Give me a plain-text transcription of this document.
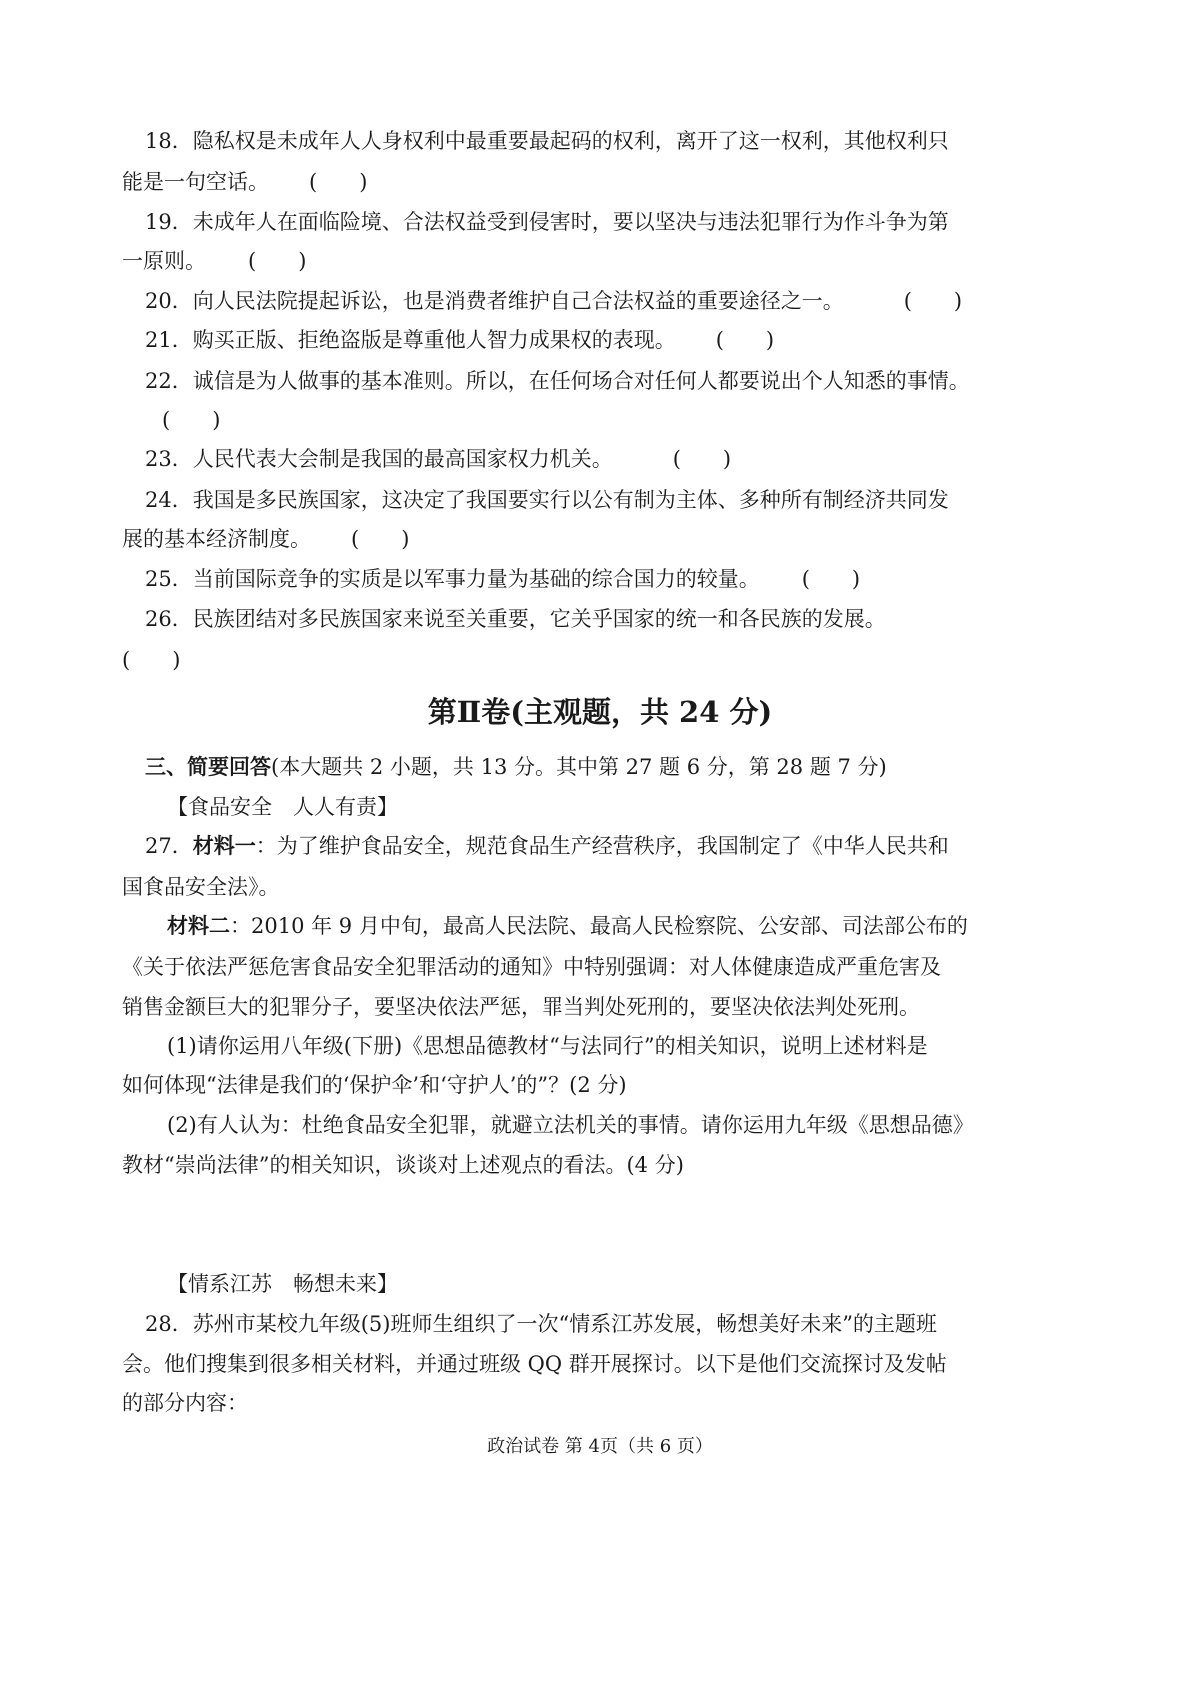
18．隐私权是未成年人人身权利中最重要最起码的权利，离开了这一权利，其他权利只
能是一句空话。 (　　)
19．未成年人在面临险境、合法权益受到侵害时，要以坚决与违法犯罪行为作斗争为第
一原则。 (　　)
20．向人民法院提起诉讼，也是消费者维护自己合法权益的重要途径之一。	(　　)
21．购买正版、拒绝盗版是尊重他人智力成果权的表现。 (　　)
22．诚信是为人做事的基本准则。所以，在任何场合对任何人都要说出个人知悉的事情。
(　　)
23．人民代表大会制是我国的最高国家权力机关。	(　　)
24．我国是多民族国家，这决定了我国要实行以公有制为主体、多种所有制经济共同发
展的基本经济制度。 (　　)
25．当前国际竞争的实质是以军事力量为基础的综合国力的较量。 (　　)
26．民族团结对多民族国家来说至关重要，它关乎国家的统一和各民族的发展。
(　　)
第Ⅱ卷(主观题，共 24 分)
三、简要回答(本大题共 2 小题，共 13 分。其中第 27 题 6 分，第 28 题 7 分)
【食品安全　人人有责】
27．材料一：为了维护食品安全，规范食品生产经营秩序，我国制定了《中华人民共和
国食品安全法》。
材料二：2010 年 9 月中旬，最高人民法院、最高人民检察院、公安部、司法部公布的
《关于依法严惩危害食品安全犯罪活动的通知》中特别强调：对人体健康造成严重危害及
销售金额巨大的犯罪分子，要坚决依法严惩，罪当判处死刑的，要坚决依法判处死刑。
(1)请你运用八年级(下册)《思想品德教材“与法同行”的相关知识，说明上述材料是
如何体现“法律是我们的‘保护伞’和‘守护人’的”？(2 分)
(2)有人认为：杜绝食品安全犯罪，就避立法机关的事情。请你运用九年级《思想品德》
教材“崇尚法律”的相关知识，谈谈对上述观点的看法。(4 分)
【情系江苏　畅想未来】
28．苏州市某校九年级(5)班师生组织了一次“情系江苏发展，畅想美好未来”的主题班
会。他们搜集到很多相关材料，并通过班级 QQ 群开展探讨。以下是他们交流探讨及发帖
的部分内容：
政治试卷 第 4页（共 6 页）
